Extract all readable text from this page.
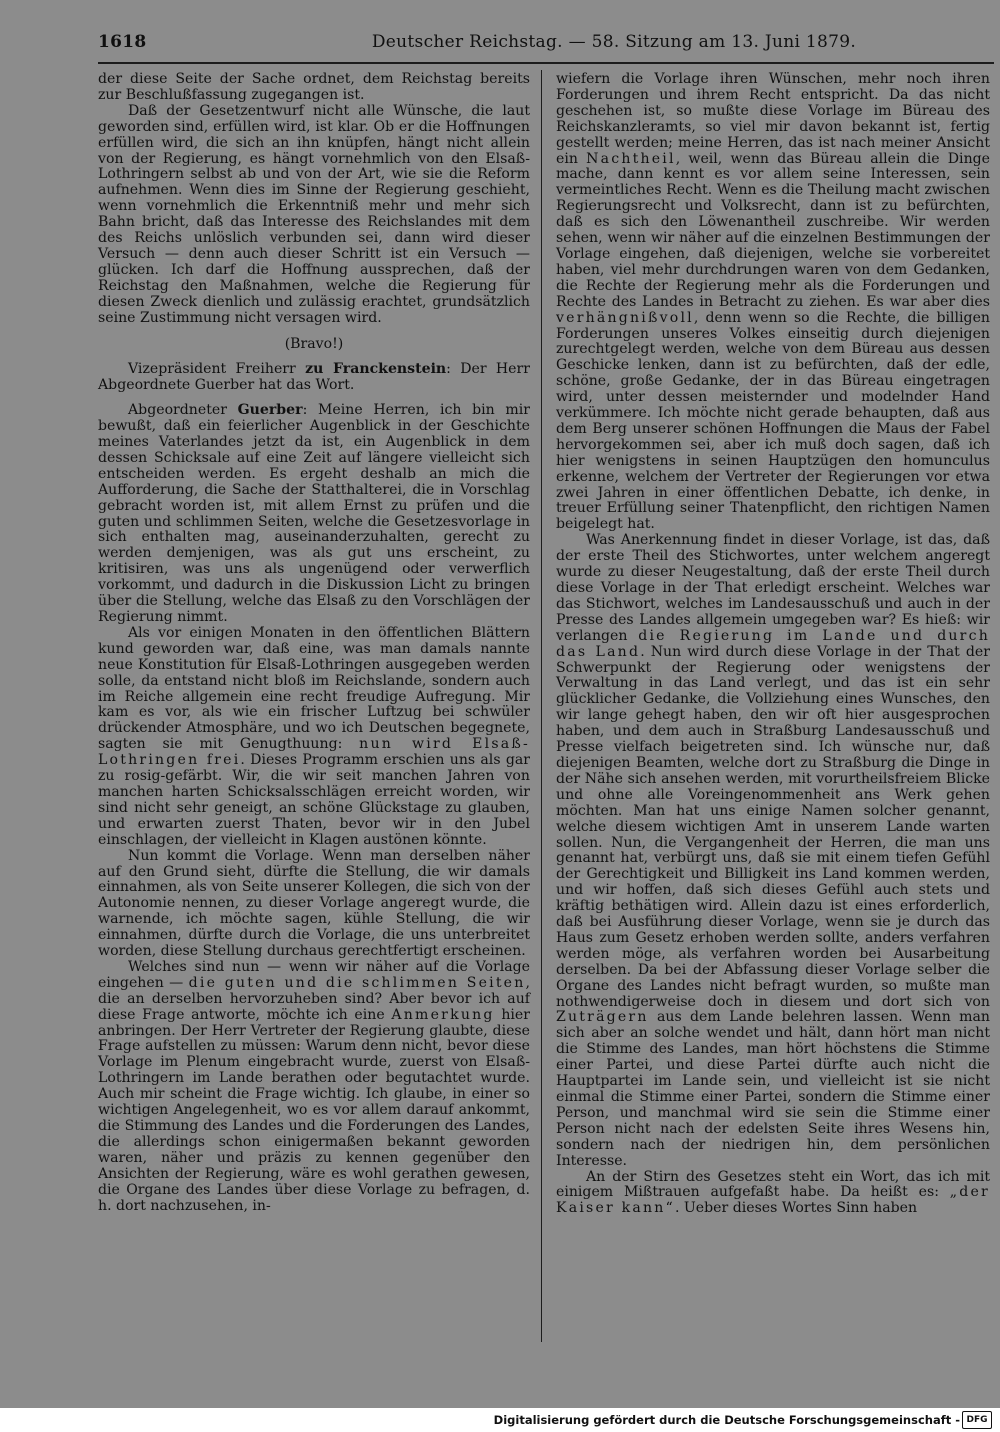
1618	Deutscher Reichstag. — 58. Sitzung am 13. Juni 1879.

der diese Seite der Sache ordnet, dem Reichstag bereits zur Beschlußfassung zugegangen ist.

Daß der Gesetzentwurf nicht alle Wünsche, die laut geworden sind, erfüllen wird, ist klar. Ob er die Hoffnungen erfüllen wird, die sich an ihn knüpfen, hängt nicht allein von der Regierung, es hängt vornehmlich von den Elsaß-Lothringern selbst ab und von der Art, wie sie die Reform aufnehmen. Wenn dies im Sinne der Regierung geschieht, wenn vornehmlich die Erkenntniß mehr und mehr sich Bahn bricht, daß das Interesse des Reichslandes mit dem des Reichs unlöslich verbunden sei, dann wird dieser Versuch — denn auch dieser Schritt ist ein Versuch — glücken. Ich darf die Hoffnung aussprechen, daß der Reichstag den Maßnahmen, welche die Regierung für diesen Zweck dienlich und zulässig erachtet, grundsätzlich seine Zustimmung nicht versagen wird.

(Bravo!)

Vizepräsident Freiherr zu Franckenstein: Der Herr Abgeordnete Guerber hat das Wort.

Abgeordneter Guerber: Meine Herren, ich bin mir bewußt, daß ein feierlicher Augenblick in der Geschichte meines Vaterlandes jetzt da ist, ein Augenblick in dem dessen Schicksale auf eine Zeit auf längere vielleicht sich entscheiden werden. Es ergeht deshalb an mich die Aufforderung, die Sache der Statthalterei, die in Vorschlag gebracht worden ist, mit allem Ernst zu prüfen und die guten und schlimmen Seiten, welche die Gesetzesvorlage in sich enthalten mag, auseinanderzuhalten, gerecht zu werden demjenigen, was als gut uns erscheint, zu kritisiren, was uns als ungenügend oder verwerflich vorkommt, und dadurch in die Diskussion Licht zu bringen über die Stellung, welche das Elsaß zu den Vorschlägen der Regierung nimmt.

Als vor einigen Monaten in den öffentlichen Blättern kund geworden war, daß eine, was man damals nannte neue Konstitution für Elsaß-Lothringen ausgegeben werden solle, da entstand nicht bloß im Reichslande, sondern auch im Reiche allgemein eine recht freudige Aufregung. Mir kam es vor, als wie ein frischer Luftzug bei schwüler drückender Atmosphäre, und wo ich Deutschen begegnete, sagten sie mit Genugthuung: nun wird Elsaß-Lothringen frei. Dieses Programm erschien uns als gar zu rosig-gefärbt. Wir, die wir seit manchen Jahren von manchen harten Schicksalsschlägen erreicht worden, wir sind nicht sehr geneigt, an schöne Glückstage zu glauben, und erwarten zuerst Thaten, bevor wir in den Jubel einschlagen, der vielleicht in Klagen austönen könnte.

Nun kommt die Vorlage. Wenn man derselben näher auf den Grund sieht, dürfte die Stellung, die wir damals einnahmen, als von Seite unserer Kollegen, die sich von der Autonomie nennen, zu dieser Vorlage angeregt wurde, die warnende, ich möchte sagen, kühle Stellung, die wir einnahmen, dürfte durch die Vorlage, die uns unterbreitet worden, diese Stellung durchaus gerechtfertigt erscheinen.

Welches sind nun — wenn wir näher auf die Vorlage eingehen — die guten und die schlimmen Seiten, die an derselben hervorzuheben sind? Aber bevor ich auf diese Frage antworte, möchte ich eine Anmerkung hier anbringen. Der Herr Vertreter der Regierung glaubte, diese Frage aufstellen zu müssen: Warum denn nicht, bevor diese Vorlage im Plenum eingebracht wurde, zuerst von Elsaß-Lothringern im Lande berathen oder begutachtet wurde. Auch mir scheint die Frage wichtig. Ich glaube, in einer so wichtigen Angelegenheit, wo es vor allem darauf ankommt, die Stimmung des Landes und die Forderungen des Landes, die allerdings schon einigermaßen bekannt geworden waren, näher und präzis zu kennen gegenüber den Ansichten der Regierung, wäre es wohl gerathen gewesen, die Organe des Landes über diese Vorlage zu befragen, d. h. dort nachzusehen, in-

wiefern die Vorlage ihren Wünschen, mehr noch ihren Forderungen und ihrem Recht entspricht. Da das nicht geschehen ist, so mußte diese Vorlage im Büreau des Reichskanzleramts, so viel mir davon bekannt ist, fertig gestellt werden; meine Herren, das ist nach meiner Ansicht ein Nachtheil, weil, wenn das Büreau allein die Dinge mache, dann kennt es vor allem seine Interessen, sein vermeintliches Recht. Wenn es die Theilung macht zwischen Regierungsrecht und Volksrecht, dann ist zu befürchten, daß es sich den Löwenantheil zuschreibe. Wir werden sehen, wenn wir näher auf die einzelnen Bestimmungen der Vorlage eingehen, daß diejenigen, welche sie vorbereitet haben, viel mehr durchdrungen waren von dem Gedanken, die Rechte der Regierung mehr als die Forderungen und Rechte des Landes in Betracht zu ziehen. Es war aber dies verhängnißvoll, denn wenn so die Rechte, die billigen Forderungen unseres Volkes einseitig durch diejenigen zurechtgelegt werden, welche von dem Büreau aus dessen Geschicke lenken, dann ist zu befürchten, daß der edle, schöne, große Gedanke, der in das Büreau eingetragen wird, unter dessen meisternder und modelnder Hand verkümmere. Ich möchte nicht gerade behaupten, daß aus dem Berg unserer schönen Hoffnungen die Maus der Fabel hervorgekommen sei, aber ich muß doch sagen, daß ich hier wenigstens in seinen Hauptzügen den homunculus erkenne, welchem der Vertreter der Regierungen vor etwa zwei Jahren in einer öffentlichen Debatte, ich denke, in treuer Erfüllung seiner Thatenpflicht, den richtigen Namen beigelegt hat.

Was Anerkennung findet in dieser Vorlage, ist das, daß der erste Theil des Stichwortes, unter welchem angeregt wurde zu dieser Neugestaltung, daß der erste Theil durch diese Vorlage in der That erledigt erscheint. Welches war das Stichwort, welches im Landesausschuß und auch in der Presse des Landes allgemein umgegeben war? Es hieß: wir verlangen die Regierung im Lande und durch das Land. Nun wird durch diese Vorlage in der That der Schwerpunkt der Regierung oder wenigstens der Verwaltung in das Land verlegt, und das ist ein sehr glücklicher Gedanke, die Vollziehung eines Wunsches, den wir lange gehegt haben, den wir oft hier ausgesprochen haben, und dem auch in Straßburg Landesausschuß und Presse vielfach beigetreten sind. Ich wünsche nur, daß diejenigen Beamten, welche dort zu Straßburg die Dinge in der Nähe sich ansehen werden, mit vorurtheilsfreiem Blicke und ohne alle Voreingenommenheit ans Werk gehen möchten. Man hat uns einige Namen solcher genannt, welche diesem wichtigen Amt in unserem Lande warten sollen. Nun, die Vergangenheit der Herren, die man uns genannt hat, verbürgt uns, daß sie mit einem tiefen Gefühl der Gerechtigkeit und Billigkeit ins Land kommen werden, und wir hoffen, daß sich dieses Gefühl auch stets und kräftig bethätigen wird. Allein dazu ist eines erforderlich, daß bei Ausführung dieser Vorlage, wenn sie je durch das Haus zum Gesetz erhoben werden sollte, anders verfahren werden möge, als verfahren worden bei Ausarbeitung derselben. Da bei der Abfassung dieser Vorlage selber die Organe des Landes nicht befragt wurden, so mußte man nothwendigerweise doch in diesem und dort sich von Zuträgern aus dem Lande belehren lassen. Wenn man sich aber an solche wendet und hält, dann hört man nicht die Stimme des Landes, man hört höchstens die Stimme einer Partei, und diese Partei dürfte auch nicht die Hauptpartei im Lande sein, und vielleicht ist sie nicht einmal die Stimme einer Partei, sondern die Stimme einer Person, und manchmal wird sie sein die Stimme einer Person nicht nach der edelsten Seite ihres Wesens hin, sondern nach der niedrigen hin, dem persönlichen Interesse.

An der Stirn des Gesetzes steht ein Wort, das ich mit einigem Mißtrauen aufgefaßt habe. Da heißt es: „der Kaiser kann“. Ueber dieses Wortes Sinn haben

Digitalisierung gefördert durch die Deutsche Forschungsgemeinschaft - DFG
